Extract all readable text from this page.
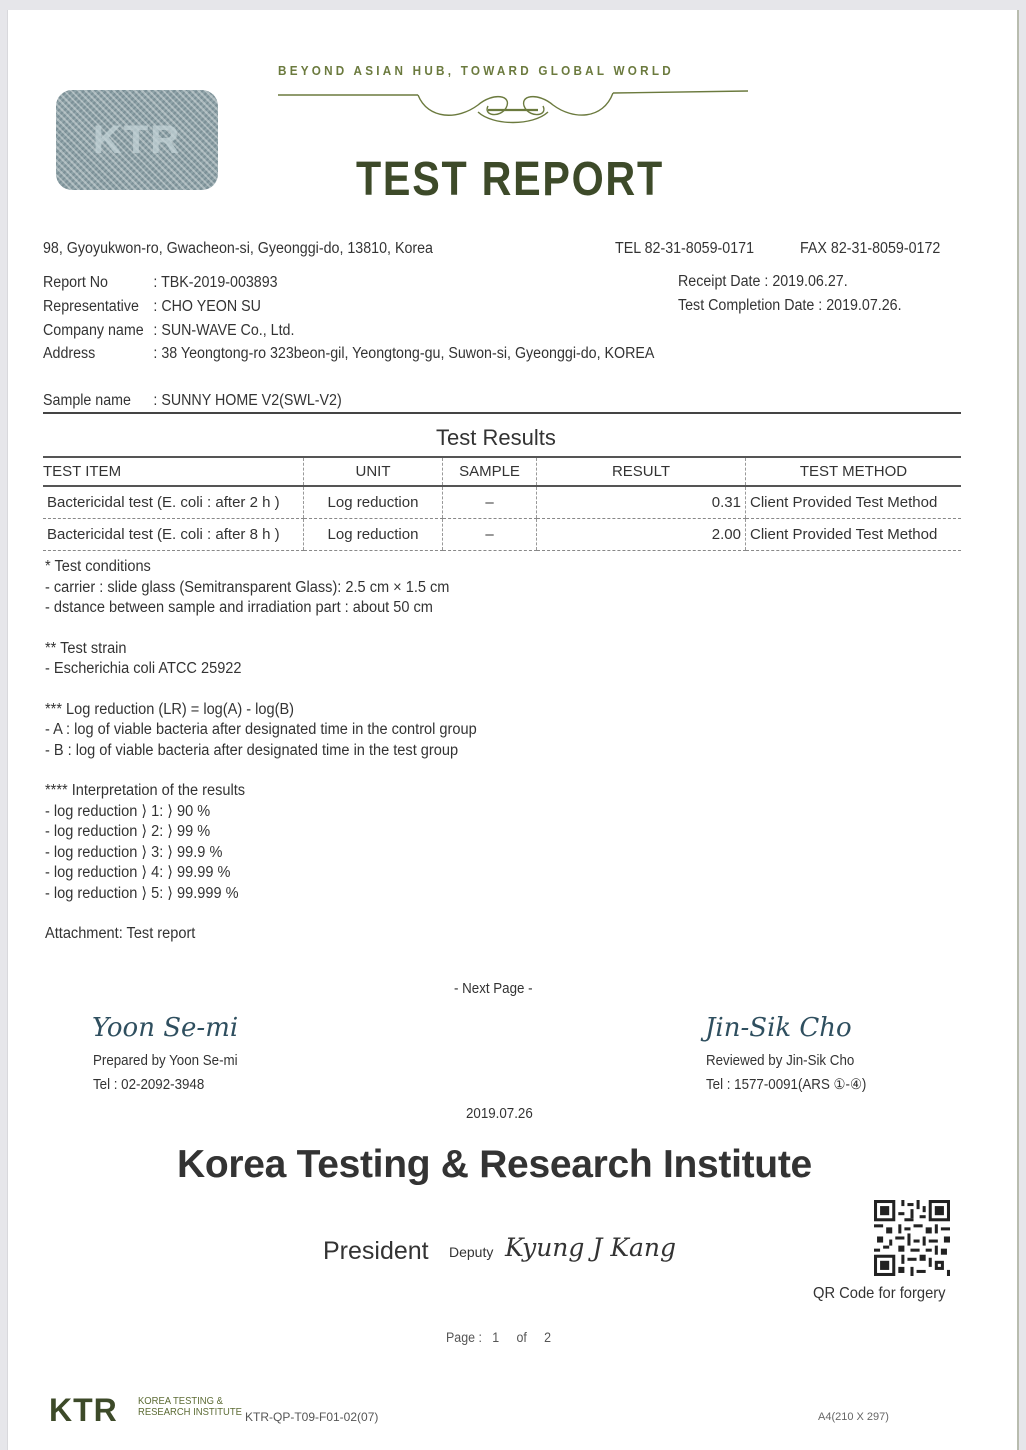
BEYOND ASIAN HUB, TOWARD GLOBAL WORLD
KTR
TEST REPORT
98, Gyoyukwon-ro, Gwacheon-si, Gyeonggi-do, 13810, Korea	TEL 82-31-8059-0171	FAX 82-31-8059-0172
Report No	: TBK-2019-003893
Representative : CHO YEON SU
Company name : SUN-WAVE Co., Ltd.
Address	: 38 Yeongtong-ro 323beon-gil, Yeongtong-gu, Suwon-si, Gyeonggi-do, KOREA
Receipt Date : 2019.06.27.
Test Completion Date : 2019.07.26.
Sample name : SUNNY HOME V2(SWL-V2)
Test Results
TEST ITEM	UNIT	SAMPLE	RESULT	TEST METHOD
Bactericidal test (E. coli : after 2 h )	Log reduction	–	0.31	Client Provided Test Method
Bactericidal test (E. coli : after 8 h )	Log reduction	–	2.00	Client Provided Test Method
* Test conditions
- carrier : slide glass (Semitransparent Glass): 2.5 cm × 1.5 cm
- dstance between sample and irradiation part : about 50 cm
** Test strain
- Escherichia coli ATCC 25922
*** Log reduction (LR) = log(A) - log(B)
- A : log of viable bacteria after designated time in the control group
- B : log of viable bacteria after designated time in the test group
**** Interpretation of the results
- log reduction ⟩ 1: ⟩ 90 %
- log reduction ⟩ 2: ⟩ 99 %
- log reduction ⟩ 3: ⟩ 99.9 %
- log reduction ⟩ 4: ⟩ 99.99 %
- log reduction ⟩ 5: ⟩ 99.999 %
Attachment: Test report
- Next Page -
Yoon Se-mi
Prepared by Yoon Se-mi
Tel : 02-2092-3948
Jin-Sik Cho
Reviewed by Jin-Sik Cho
Tel : 1577-0091(ARS ①-④)
2019.07.26
Korea Testing & Research Institute
President Deputy Kyung J Kang
QR Code for forgery
Page : 1 of 2
KTR KOREA TESTING &
RESEARCH INSTITUTE KTR-QP-T09-F01-02(07)	A4(210 X 297)
